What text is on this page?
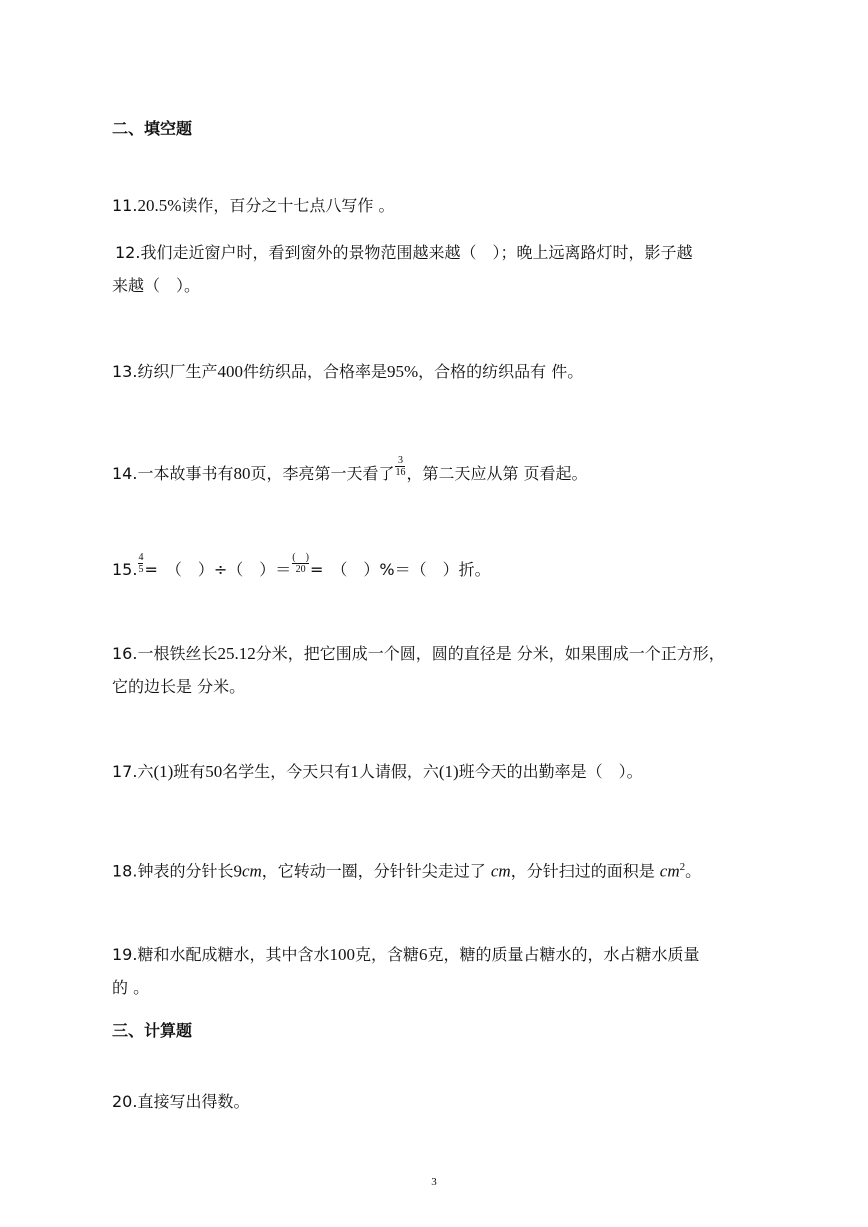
二、填空题
11.20.5%读作，百分之十七点八写作 。
12.我们走近窗户时，看到窗外的景物范围越来越（　）；晚上远离路灯时，影子越
来越（　）。
13.纺织厂生产400件纺织品，合格率是95%，合格的纺织品有 件。
14.一本故事书有80页，李亮第一天看了 $\frac{3}{16}$ ，第二天应从第 页看起。
15. $\frac{4}{5}$ =　（　）÷（　）＝ $\frac{( )}{20}$ =　（　）%＝（　）折。
16.一根铁丝长25.12分米，把它围成一个圆，圆的直径是 分米，如果围成一个正方形，
它的边长是 分米。
17.六(1)班有50名学生，今天只有1人请假，六(1)班今天的出勤率是（　）。
18.钟表的分针长9cm，它转动一圈，分针针尖走过了 cm，分针扫过的面积是 $cm^2$。
19.糖和水配成糖水，其中含水100克，含糖6克，糖的质量占糖水的，水占糖水质量
的 。
三、计算题
20.直接写出得数。
3
